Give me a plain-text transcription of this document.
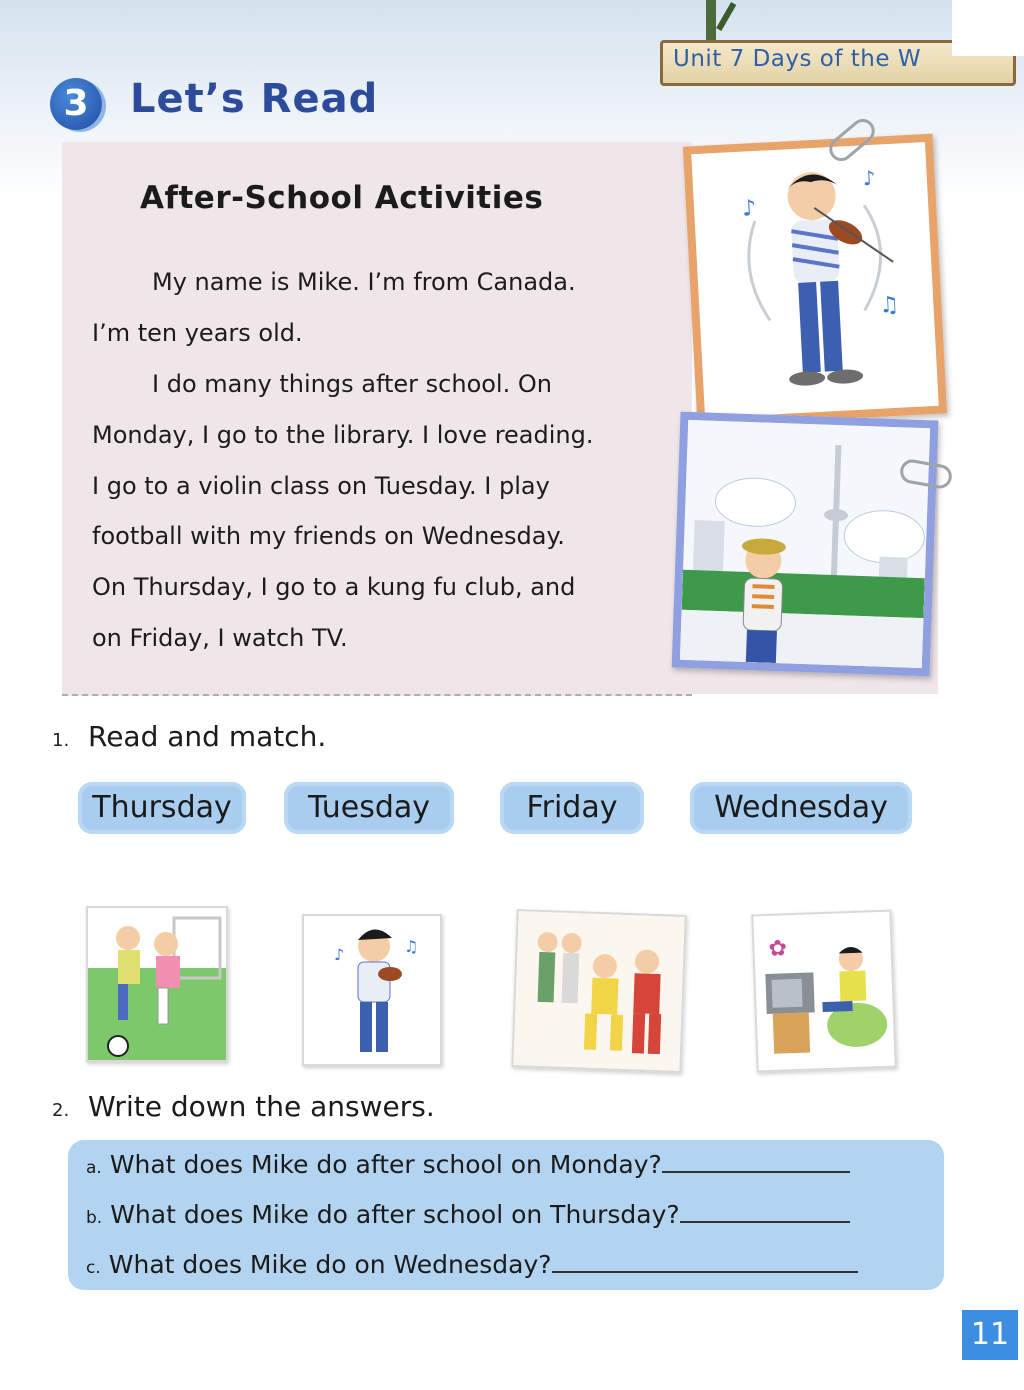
Unit 7 Days of the W
3	Let’s Read
After-School Activities
My name is Mike. I’m from Canada.
I’m ten years old.
I do many things after school. On
Monday, I go to the library. I love reading.
I go to a violin class on Tuesday. I play
football with my friends on Wednesday.
On Thursday, I go to a kung fu club, and
on Friday, I watch TV.
♪
♫
♪
1. Read and match.
Thursday	Tuesday	Friday	Wednesday
♪	♫	✿
2. Write down the answers.
a. What does Mike do after school on Monday?
b. What does Mike do after school on Thursday?
c. What does Mike do on Wednesday?
11
